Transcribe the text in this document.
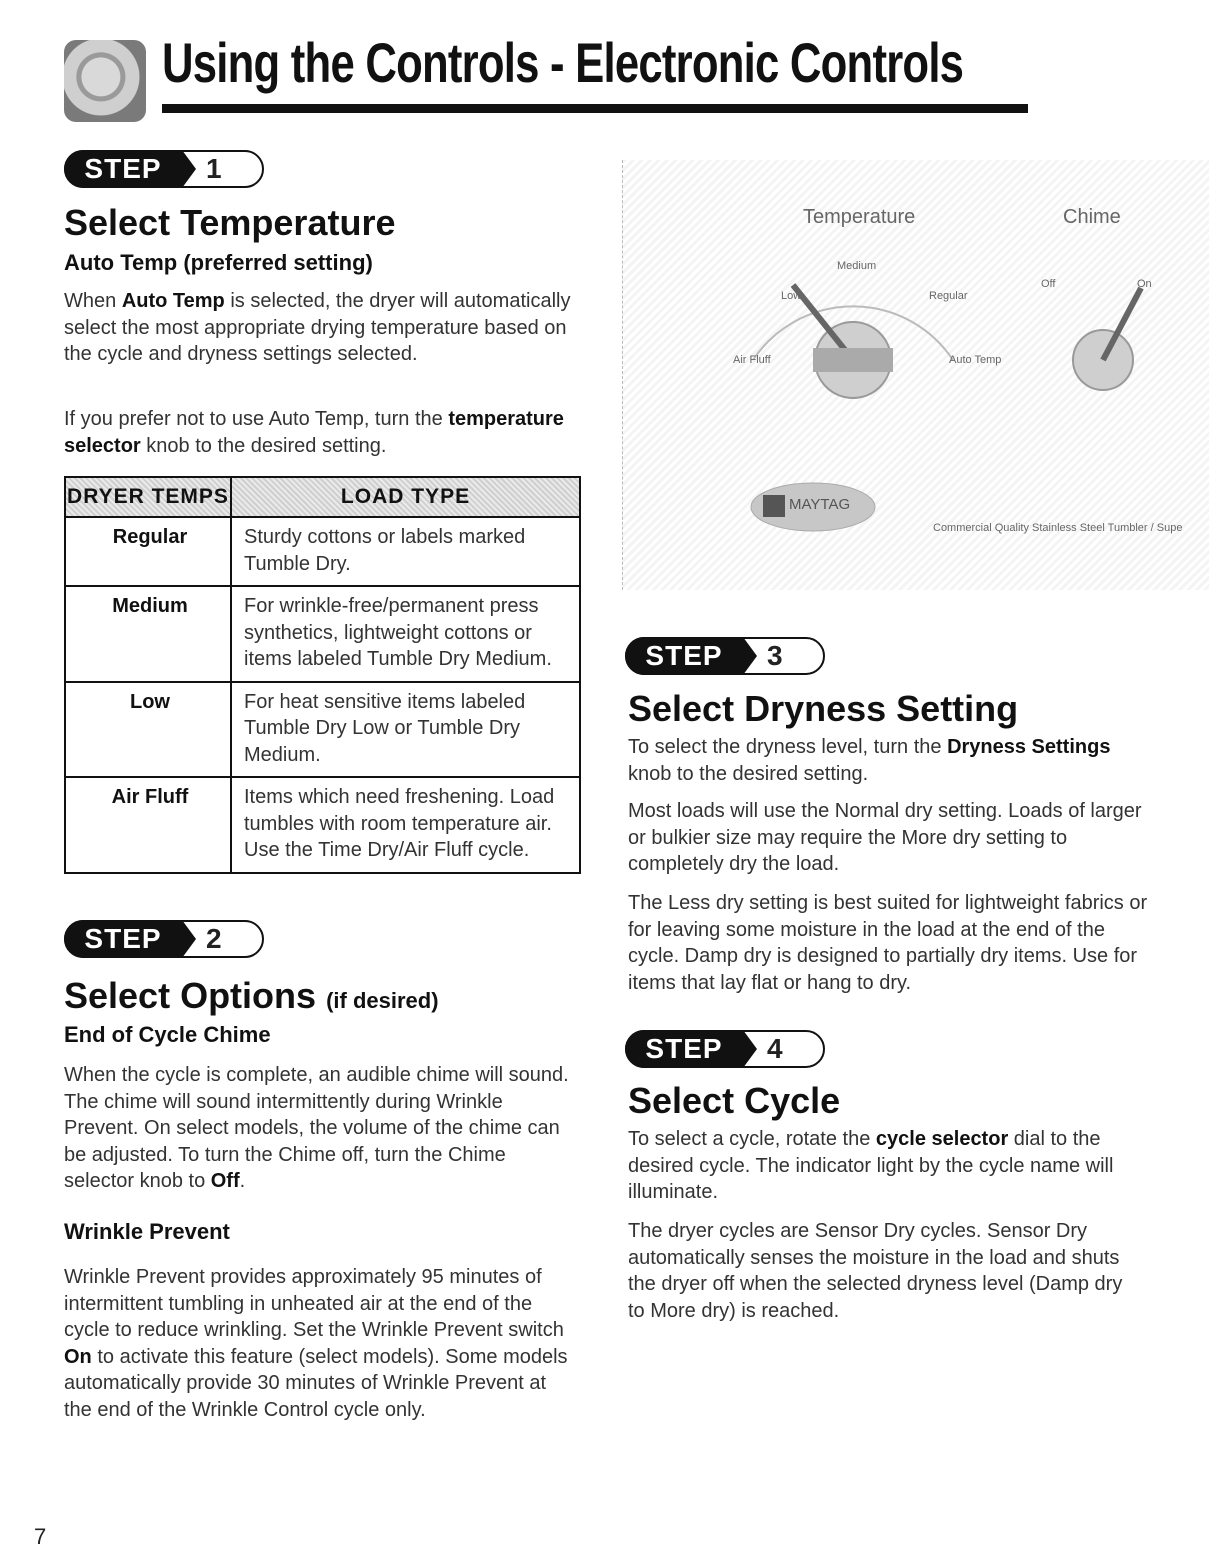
Using the Controls - Electronic Controls
STEP	1
Select Temperature
Auto Temp (preferred setting)
When Auto Temp is selected, the dryer will automatically select the most appropriate drying temperature based on the cycle and dryness settings selected.
If you prefer not to use Auto Temp, turn the temperature selector knob to the desired setting.
DRYER TEMPS	LOAD TYPE
Regular	Sturdy cottons or labels marked Tumble Dry.
Medium	For wrinkle-free/permanent press synthetics, lightweight cottons or items labeled Tumble Dry Medium.
Low	For heat sensitive items labeled Tumble Dry Low or Tumble Dry Medium.
Air Fluff	Items which need freshening. Load tumbles with room temperature air. Use the Time Dry/Air Fluff cycle.
STEP	2
Select Options (if desired)
End of Cycle Chime
When the cycle is complete, an audible chime will sound. The chime will sound intermittently during Wrinkle Prevent. On select models, the volume of the chime can be adjusted. To turn the Chime off, turn the Chime selector knob to Off.
Wrinkle Prevent
Wrinkle Prevent provides approximately 95 minutes of intermittent tumbling in unheated air at the end of the cycle to reduce wrinkling. Set the Wrinkle Prevent switch On to activate this feature (select models). Some models automatically provide 30 minutes of Wrinkle Prevent at the end of the Wrinkle Control cycle only.
Temperature	Chime
Medium
Low	Regular
Air Fluff	Auto Temp
Off	On
MAYTAG
Commercial Quality Stainless Steel Tumbler / Supe
STEP	3
Select Dryness Setting
To select the dryness level, turn the Dryness Settings knob to the desired setting.
Most loads will use the Normal dry setting. Loads of larger or bulkier size may require the More dry setting to completely dry the load.
The Less dry setting is best suited for lightweight fabrics or for leaving some moisture in the load at the end of the cycle. Damp dry is designed to partially dry items. Use for items that lay flat or hang to dry.
STEP	4
Select Cycle
To select a cycle, rotate the cycle selector dial to the desired cycle. The indicator light by the cycle name will illuminate.
The dryer cycles are Sensor Dry cycles. Sensor Dry automatically senses the moisture in the load and shuts the dryer off when the selected dryness level (Damp dry to More dry) is reached.
7
